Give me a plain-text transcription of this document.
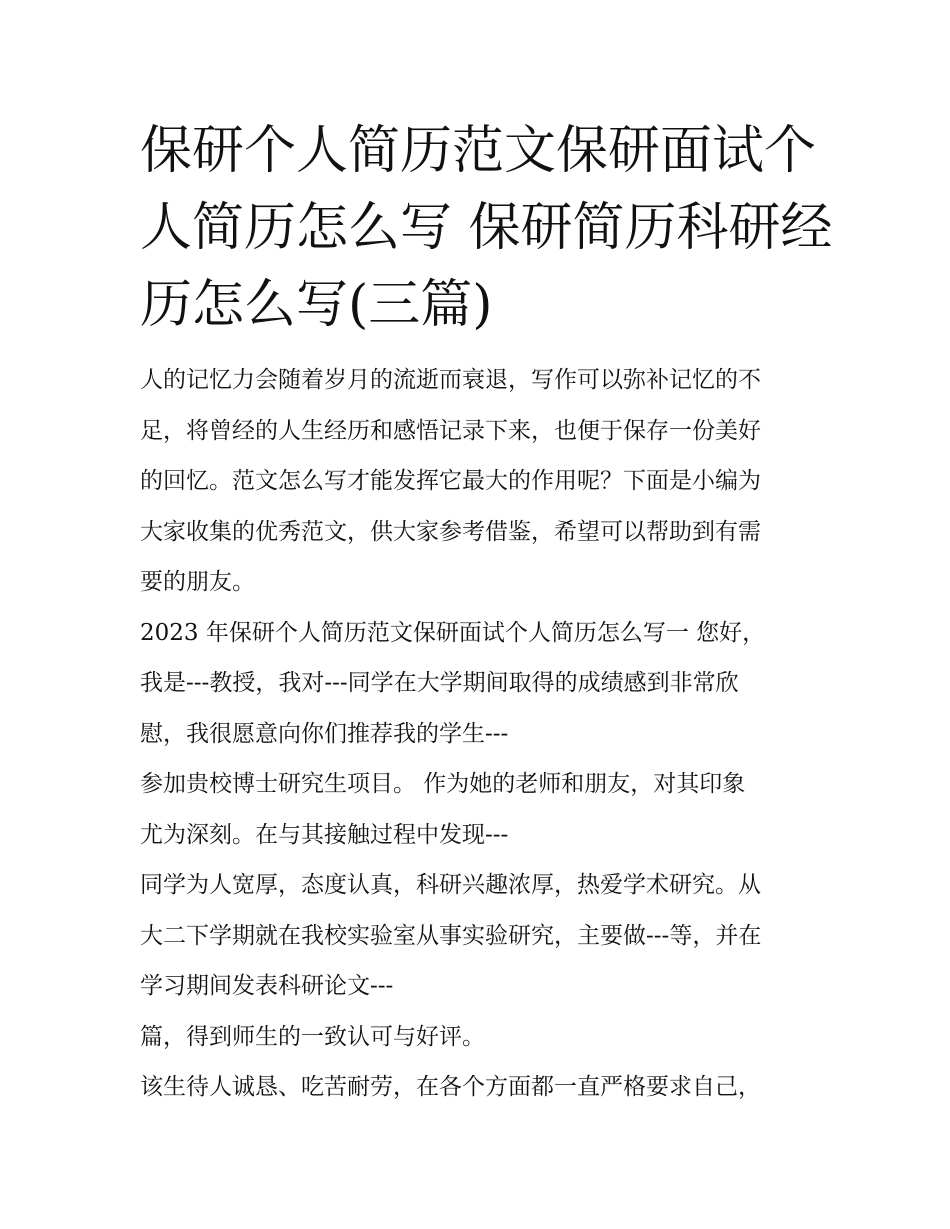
保研个人简历范文保研面试个
人简历怎么写 保研简历科研经
历怎么写(三篇)
人的记忆力会随着岁月的流逝而衰退，写作可以弥补记忆的不
足，将曾经的人生经历和感悟记录下来，也便于保存一份美好
的回忆。范文怎么写才能发挥它最大的作用呢？下面是小编为
大家收集的优秀范文，供大家参考借鉴，希望可以帮助到有需
要的朋友。
2023 年保研个人简历范文保研面试个人简历怎么写一 您好，
我是---教授，我对---同学在大学期间取得的成绩感到非常欣
慰，我很愿意向你们推荐我的学生---
参加贵校博士研究生项目。 作为她的老师和朋友，对其印象
尤为深刻。在与其接触过程中发现---
同学为人宽厚，态度认真，科研兴趣浓厚，热爱学术研究。从
大二下学期就在我校实验室从事实验研究，主要做---等，并在
学习期间发表科研论文---
篇，得到师生的一致认可与好评。
该生待人诚恳、吃苦耐劳，在各个方面都一直严格要求自己，
